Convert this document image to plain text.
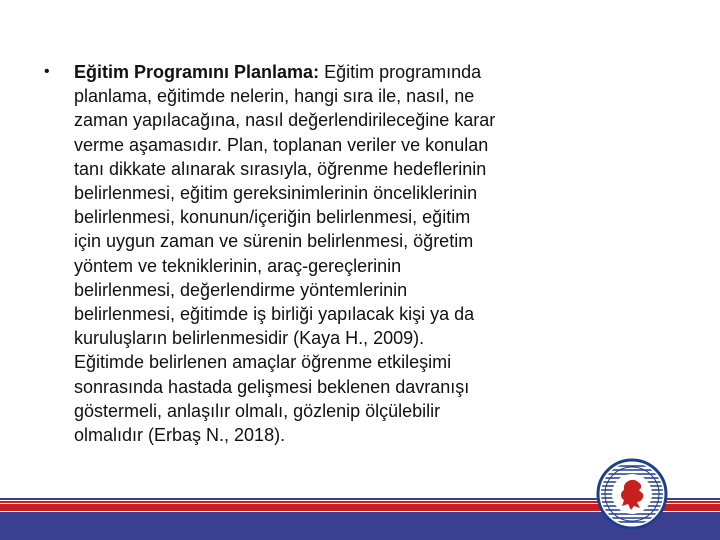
•	Eğitim Programını Planlama: Eğitim programında
planlama, eğitimde nelerin, hangi sıra ile, nasıl, ne
zaman yapılacağına, nasıl değerlendirileceğine karar
verme aşamasıdır. Plan, toplanan veriler ve konulan
tanı dikkate alınarak sırasıyla, öğrenme hedeflerinin
belirlenmesi, eğitim gereksinimlerinin önceliklerinin
belirlenmesi, konunun/içeriğin belirlenmesi, eğitim
için uygun zaman ve sürenin belirlenmesi, öğretim
yöntem ve tekniklerinin, araç-gereçlerinin
belirlenmesi, değerlendirme yöntemlerinin
belirlenmesi, eğitimde iş birliği yapılacak kişi ya da
kuruluşların belirlenmesidir (Kaya H., 2009).
Eğitimde belirlenen amaçlar öğrenme etkileşimi
sonrasında hastada gelişmesi beklenen davranışı
göstermeli, anlaşılır olmalı, gözlenip ölçülebilir
olmalıdır (Erbaş N., 2018).
